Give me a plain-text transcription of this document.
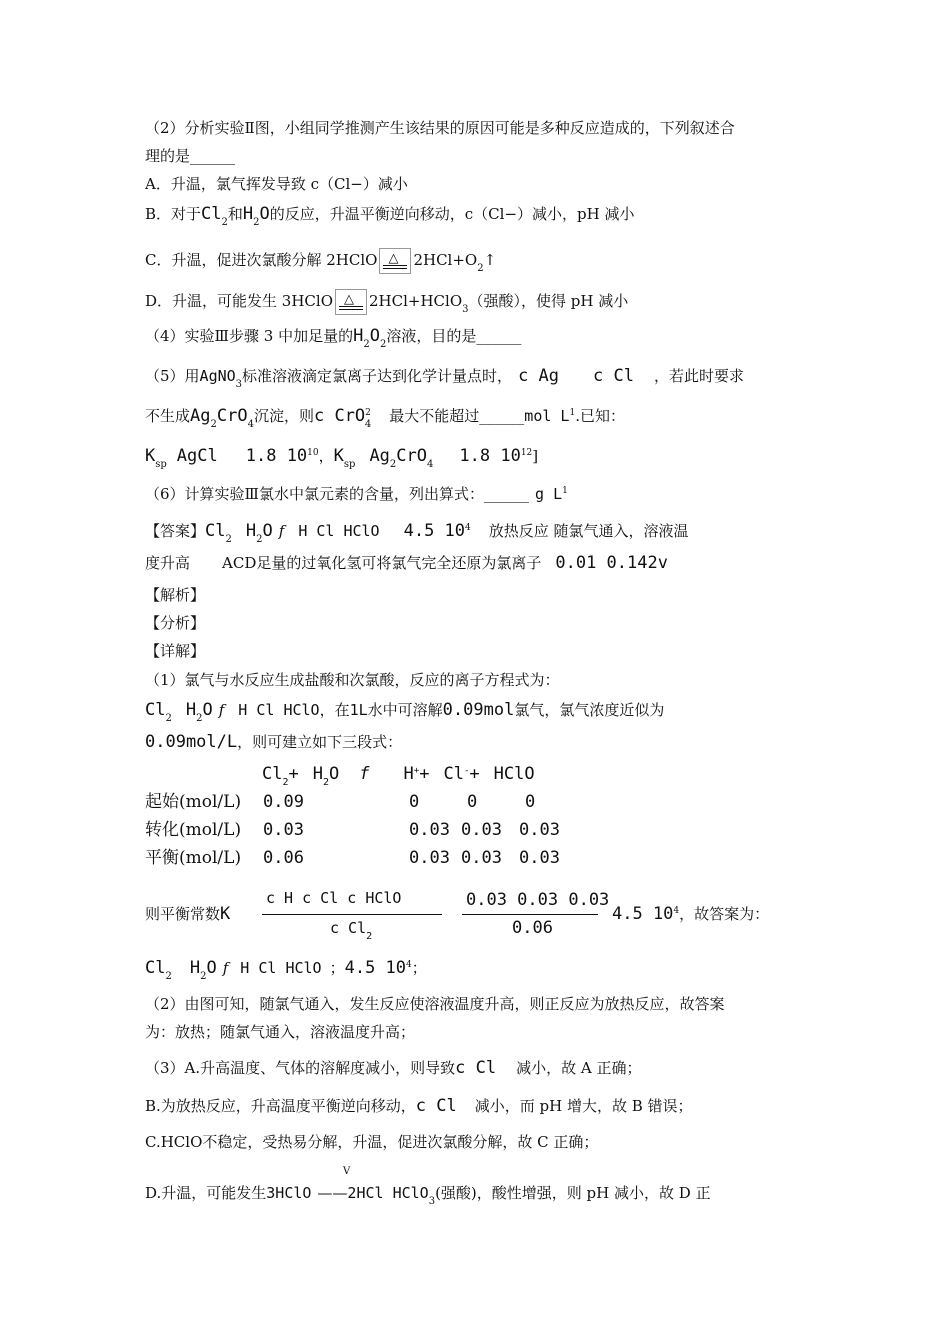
（2）分析实验Ⅱ图，小组同学推测产生该结果的原因可能是多种反应造成的，下列叙述合
理的是______
A．升温，氯气挥发导致 c（Cl−）减小
B．对于$Cl_2$和$H_2O$的反应，升温平衡逆向移动，c（Cl−）减小，pH 减小
C．升温，促进次氯酸分解 2HClO △ $2HCl+O_2↑$
D．升温，可能发生 3HClO △ 2HCl+HClO$_3$（强酸），使得 pH 减小
（4）实验Ⅲ步骤 3 中加足量的$H_2O_2$溶液，目的是______
（5）用AgNO$_3$标准溶液滴定氯离子达到化学计量点时， c Ag c Cl ，若此时要求
不生成$Ag_2CrO_4$沉淀，则c CrO$^2_4$ 最大不能超过______mol $L^1$.已知：
$K_{sp}$ AgCl 1.8 $10^{10}$，$K_{sp}$ $Ag_2CrO_4$ 1.8 $10^{12}$]
（6）计算实验Ⅲ氯水中氯元素的含量，列出算式：______ g $L^1$
【答案】$Cl_2$ $H_2O$ f H Cl HClO 4.5 $10^4$ 放热反应 随氯气通入，溶液温
度升高 ACD足量的过氧化氢可将氯气完全还原为氯离子 0.01 0.142v
【解析】
【分析】
【详解】
（1）氯气与水反应生成盐酸和次氯酸，反应的离子方程式为：
$Cl_2$ $H_2O$ f H Cl HClO，在1L水中可溶解0.09mol氯气，氯气浓度近似为
0.09mol/L，则可建立如下三段式：
$Cl_2+ H_2O$ f H++ Cl-+ HClO
起始(mol/L) 0.09	0	0	0
转化(mol/L) 0.03	0.03 0.03 0.03
平衡(mol/L) 0.06	0.03 0.03 0.03
则平衡常数K
c H c Cl c HClO
c $Cl_2$
0.03 0.03 0.03
0.06
4.5 $10^4$，故答案为：
$Cl_2$ $H_2O$ f H Cl HClO ；4.5 $10^4$；
（2）由图可知，随氯气通入，发生反应使溶液温度升高，则正反应为放热反应，故答案
为：放热；随氯气通入，溶液温度升高；
（3）A.升高温度、气体的溶解度减小，则导致c Cl 减小，故 A 正确；
B.为放热反应，升高温度平衡逆向移动，c Cl 减小，而 pH 增大，故 B 错误；
C.HClO不稳定，受热易分解，升温，促进次氯酸分解，故 C 正确；
V
D.升温，可能发生3HClO ——2HCl HClO$_3$(强酸)，酸性增强，则 pH 减小，故 D 正
